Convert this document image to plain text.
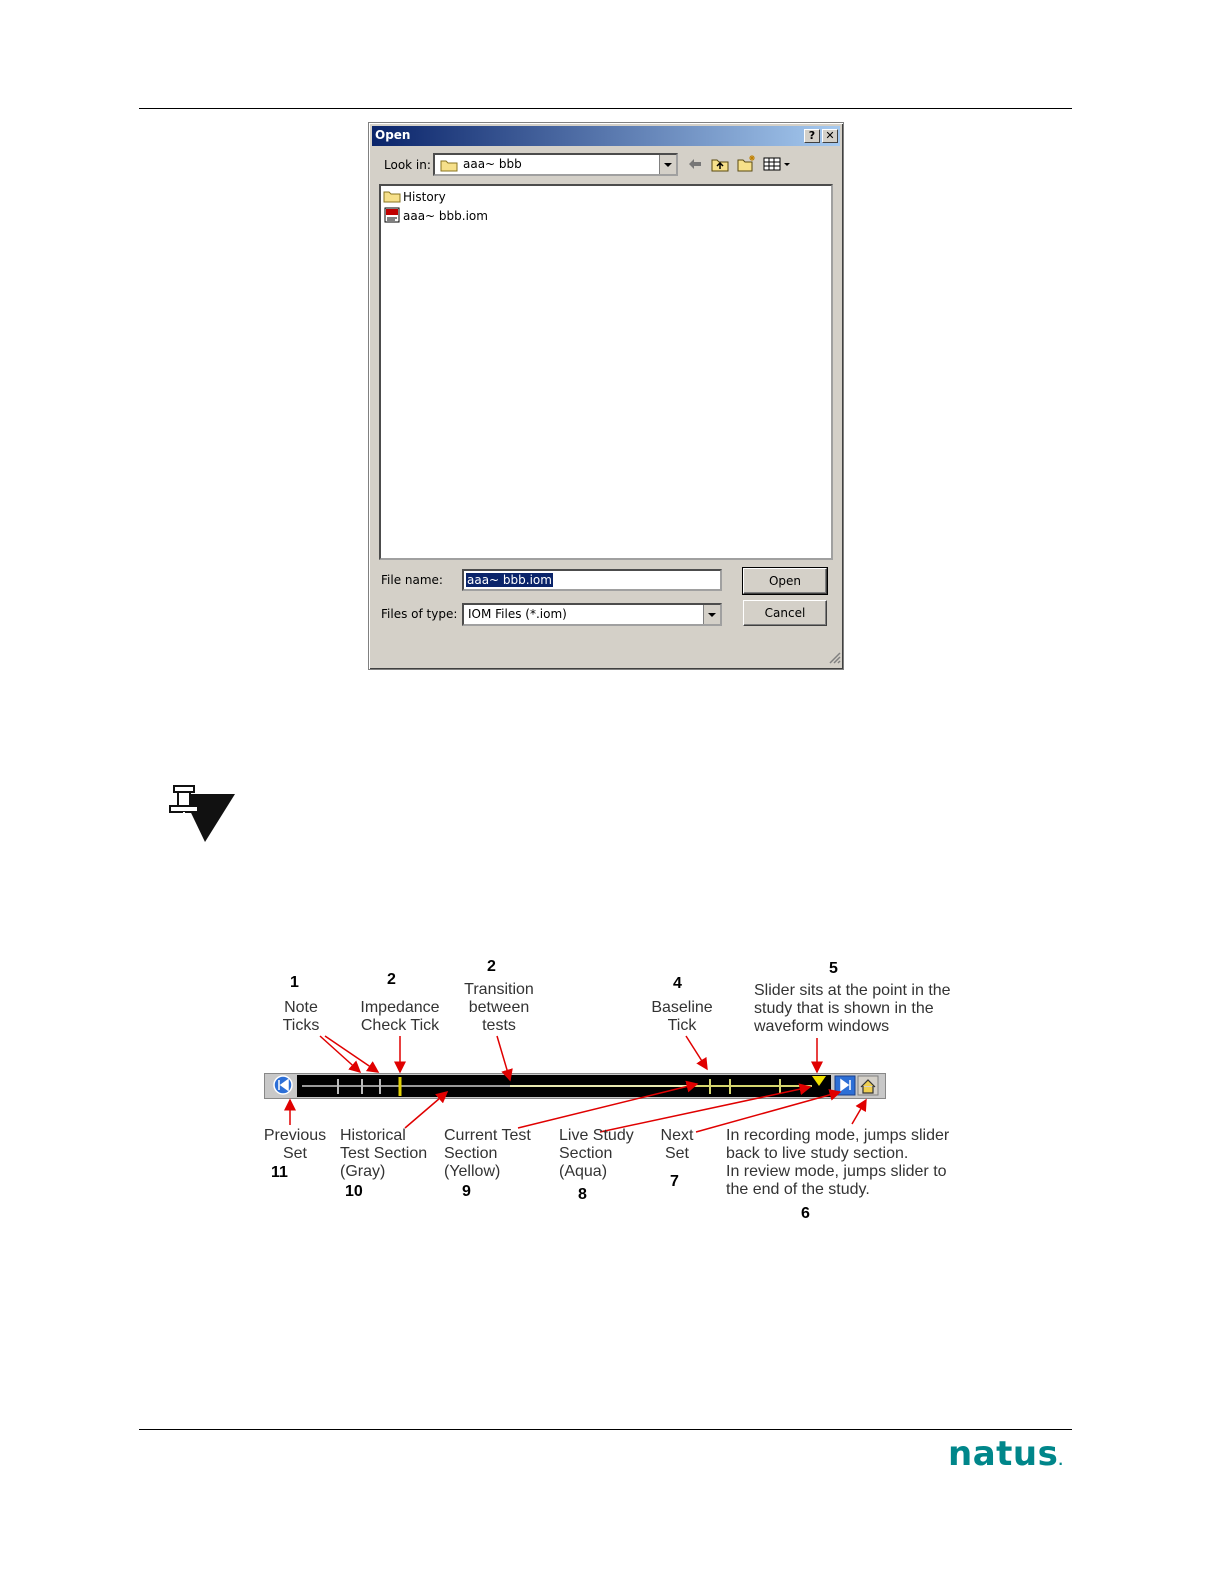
Open	? ✕
Look in:	aaa~ bbb
History
aaa~ bbb.iom
File name: aaa~ bbb.iom
Files of type: IOM Files (*.iom)
Open
Cancel
1
Note
Ticks
2
Impedance
Check Tick
2
Transition
between
tests
4
Baseline
Tick
5
Slider sits at the point in the
study that is shown in the
waveform windows
Previous
Set
11
Historical
Test Section
(Gray)
10
Current Test
Section
(Yellow)
9
Live Study
Section
(Aqua)
8
Next
Set
7
In recording mode, jumps slider
back to live study section.
In review mode, jumps slider to
the end of the study.
6
natus.
